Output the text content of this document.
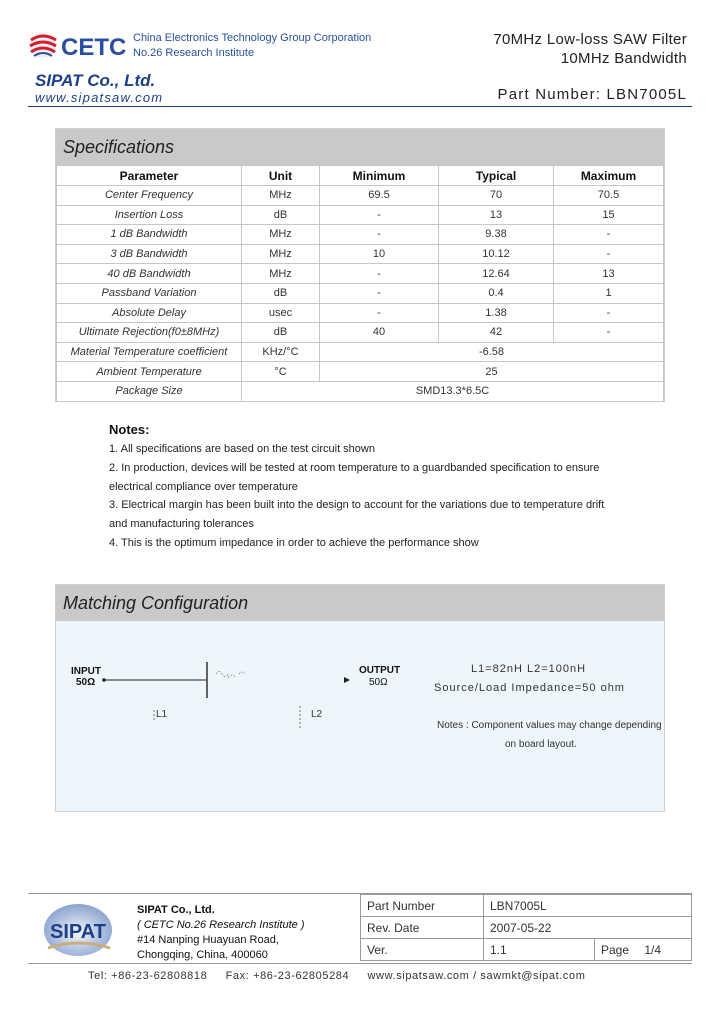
CETC China Electronics Technology Group Corporation
No.26 Research Institute
70MHz Low-loss SAW Filter
10MHz Bandwidth
SIPAT Co., Ltd.
www.sipatsaw.com	Part Number: LBN7005L
Specifications
Parameter	Unit	Minimum	Typical	Maximum
Center Frequency	MHz	69.5	70	70.5
Insertion Loss	dB	-	13	15
1 dB Bandwidth	MHz	-	9.38	-
3 dB Bandwidth	MHz	10	10.12	-
40 dB Bandwidth	MHz	-	12.64	13
Passband Variation	dB	-	0.4	1
Absolute Delay	usec	-	1.38	-
Ultimate Rejection(f0±8MHz)	dB	40	42	-
Material Temperature coefficient	KHz/°C	-6.58		
Ambient Temperature	°C	25		
Package Size	SMD13.3*6.5C			
Notes:
1. All specifications are based on the test circuit shown
2. In production, devices will be tested at room temperature to a guardbanded specification to ensure
electrical compliance over temperature
3. Electrical margin has been built into the design to account for the variations due to temperature drift
and manufacturing tolerances
4. This is the optimum impedance in order to achieve the performance show
Matching Configuration
INPUT
50Ω
OUTPUT
50Ω
L1	L2
L1=82nH L2=100nH
Source/Load Impedance=50 ohm
Notes : Component values may change depending
on board layout.
SIPAT
SIPAT Co., Ltd.
( CETC No.26 Research Institute )
#14 Nanping Huayuan Road,
Chongqing, China, 400060
Part Number	LBN7005L	
Rev. Date	2007-05-22	
Ver.	1.1	Page 1/4
Tel: +86-23-62808818     Fax: +86-23-62805284     www.sipatsaw.com / sawmkt@sipat.com
